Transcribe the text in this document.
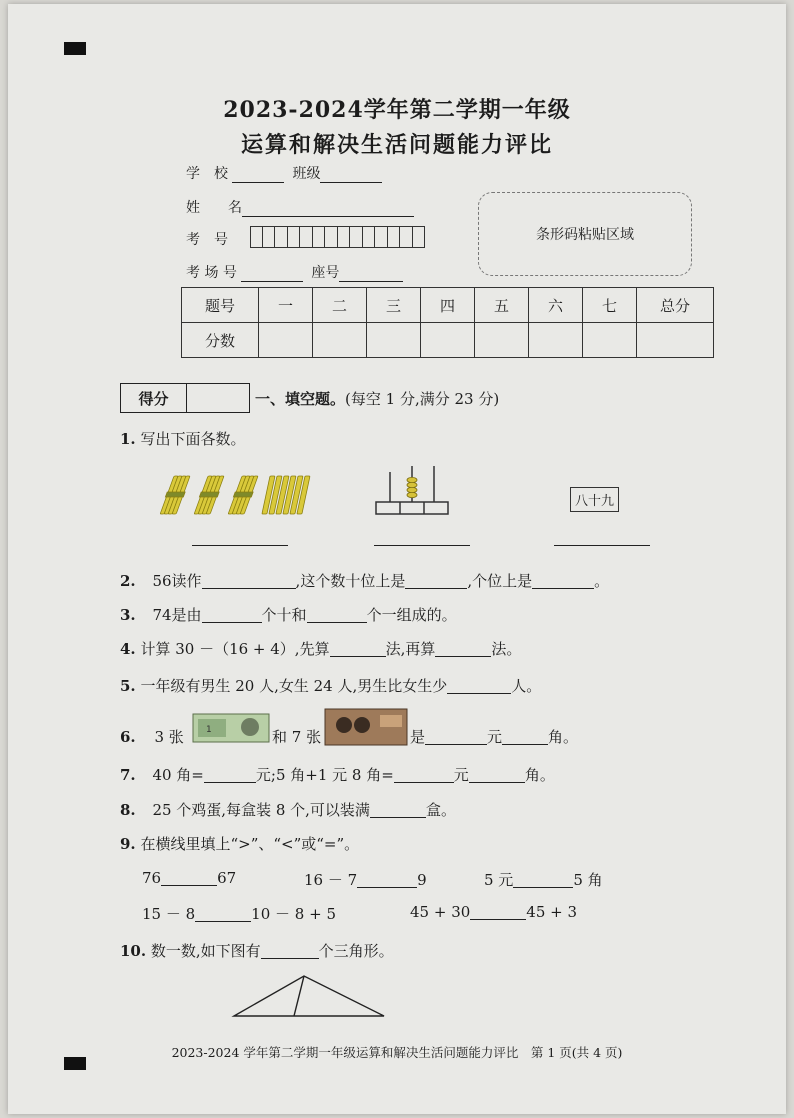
2023-2024学年第二学期一年级
运算和解决生活问题能力评比
学　校	班级
姓　　名
考　号
考 场 号	座号
条形码粘贴区域
题号	一	二	三	四	五	六	七	总分
分数								
得分	一、填空题。(每空 1 分,满分 23 分)
1. 写出下面各数。
八十九
2. 56读作	,这个数十位上是	,个位上是	。
3. 74是由	个十和	个一组成的。
4. 计算 30 －（16 + 4）,先算	法,再算	法。
5. 一年级有男生 20 人,女生 24 人,男生比女生少	人。
6. 3 张 1	和 7 张	是	元	角。
7. 40 角=	元;5 角+1 元 8 角=	元	角。
8. 25 个鸡蛋,每盒装 8 个,可以装满	盒。
9. 在横线里填上“>”、“<”或“=”。
76	67	16 － 7	9	5 元	5 角
15 － 8	10 － 8 + 5	45 + 30	45 + 3
10. 数一数,如下图有	个三角形。
2023-2024 学年第二学期一年级运算和解决生活问题能力评比　第 1 页(共 4 页)
